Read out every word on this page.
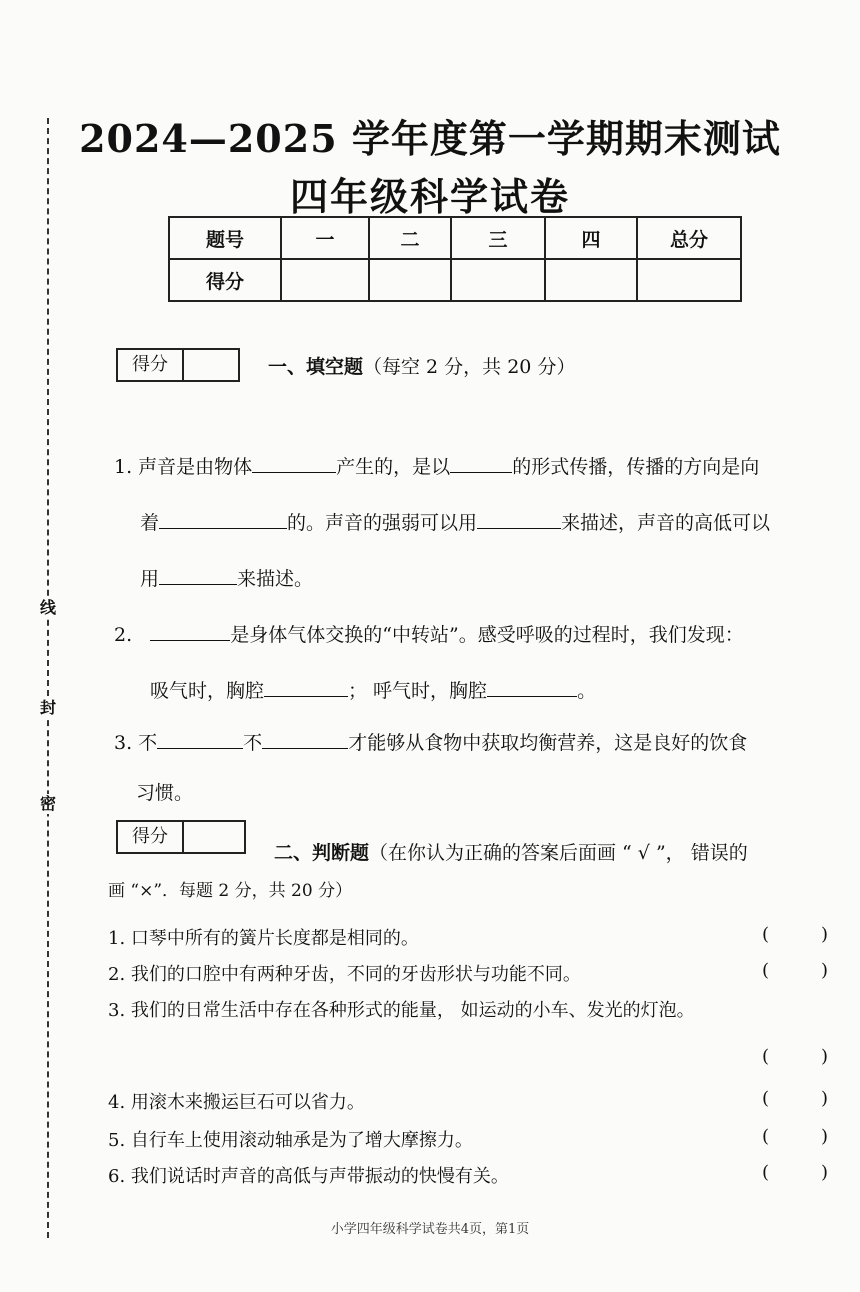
线
封
密
2024—2025 学年度第一学期期末测试
四年级科学试卷
题号	一	二	三	四	总分
得分					
得分	一、填空题（每空 2 分，共 20 分）
1. 声音是由物体	产生的，是以	的形式传播，传播的方向是向
着	的。声音的强弱可以用	来描述，声音的高低可以
用	来描述。
2.	是身体气体交换的“中转站”。感受呼吸的过程时，我们发现：
吸气时，胸腔	； 呼气时，胸腔	。
3. 不	不	才能够从食物中获取均衡营养，这是良好的饮食
习惯。
得分
二、判断题（在你认为正确的答案后面画 “ √ ”， 错误的
画 “×”．每题 2 分，共 20 分）
1. 口琴中所有的簧片长度都是相同的。	(	)
2. 我们的口腔中有两种牙齿，不同的牙齿形状与功能不同。	(	)
3. 我们的日常生活中存在各种形式的能量， 如运动的小车、发光的灯泡。
(	)
4. 用滚木来搬运巨石可以省力。	(	)
5. 自行车上使用滚动轴承是为了增大摩擦力。	(	)
6. 我们说话时声音的高低与声带振动的快慢有关。	(	)
小学四年级科学试卷共4页，第1页
